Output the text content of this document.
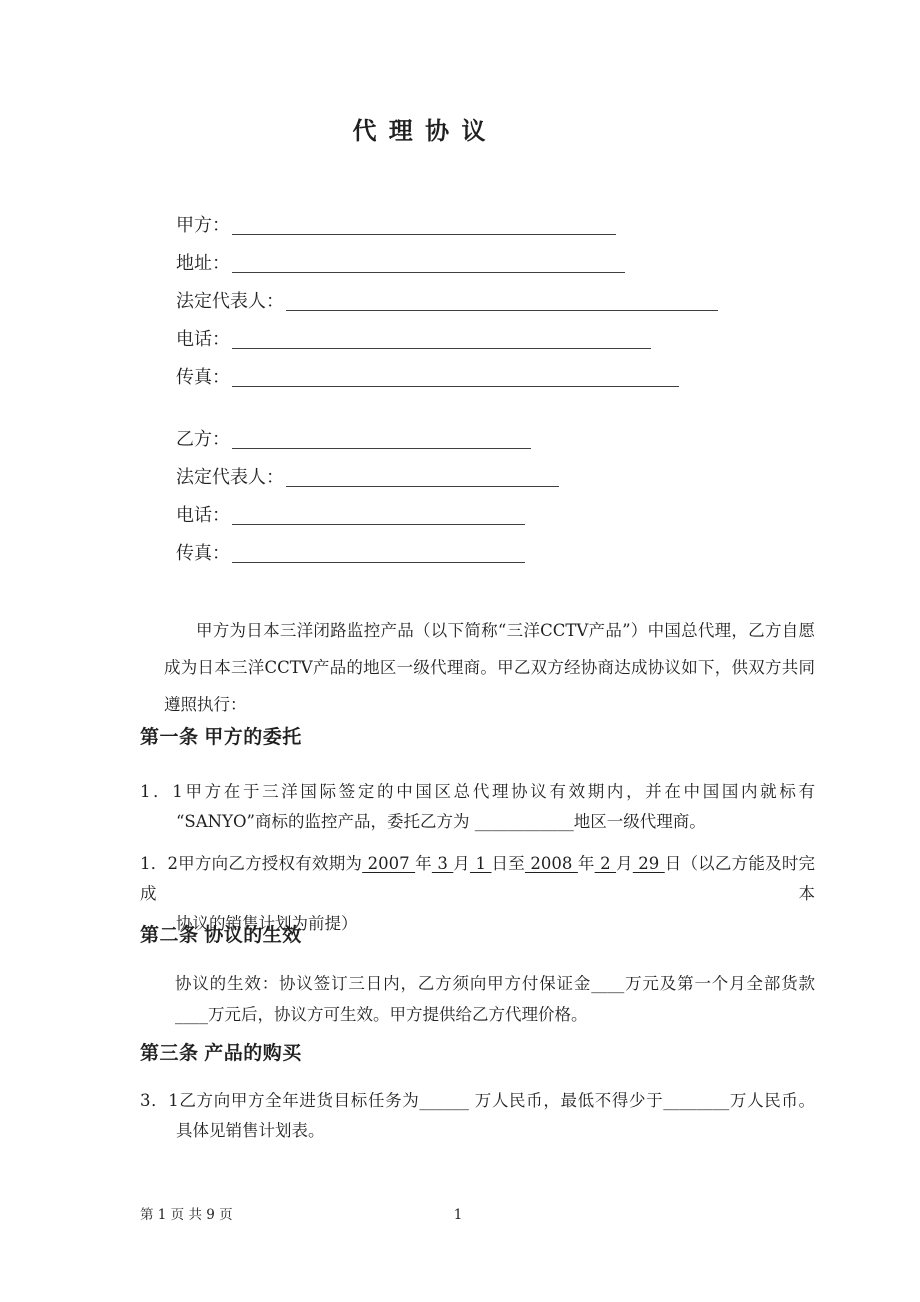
代 理 协 议
甲方：
地址：
法定代表人：
电话：
传真：
乙方：
法定代表人：
电话：
传真：
甲方为日本三洋闭路监控产品（以下简称“三洋CCTV产品”）中国总代理，乙方自愿
成为日本三洋CCTV产品的地区一级代理商。甲乙双方经协商达成协议如下，供双方共同
遵照执行：
第一条 甲方的委托
1．1甲方在于三洋国际签定的中国区总代理协议有效期内，并在中国国内就标有
“SANYO”商标的监控产品，委托乙方为 ____________地区一级代理商。
1．2甲方向乙方授权有效期为 2007 年 3 月 1 日至 2008 年 2 月 29 日（以乙方能及时完成本
协议的销售计划为前提）
第二条 协议的生效
协议的生效：协议签订三日内，乙方须向甲方付保证金____万元及第一个月全部货款
____万元后，协议方可生效。甲方提供给乙方代理价格。
第三条 产品的购买
3．1乙方向甲方全年进货目标任务为______ 万人民币，最低不得少于________万人民币。
具体见销售计划表。
第 1 页 共 9 页	1
